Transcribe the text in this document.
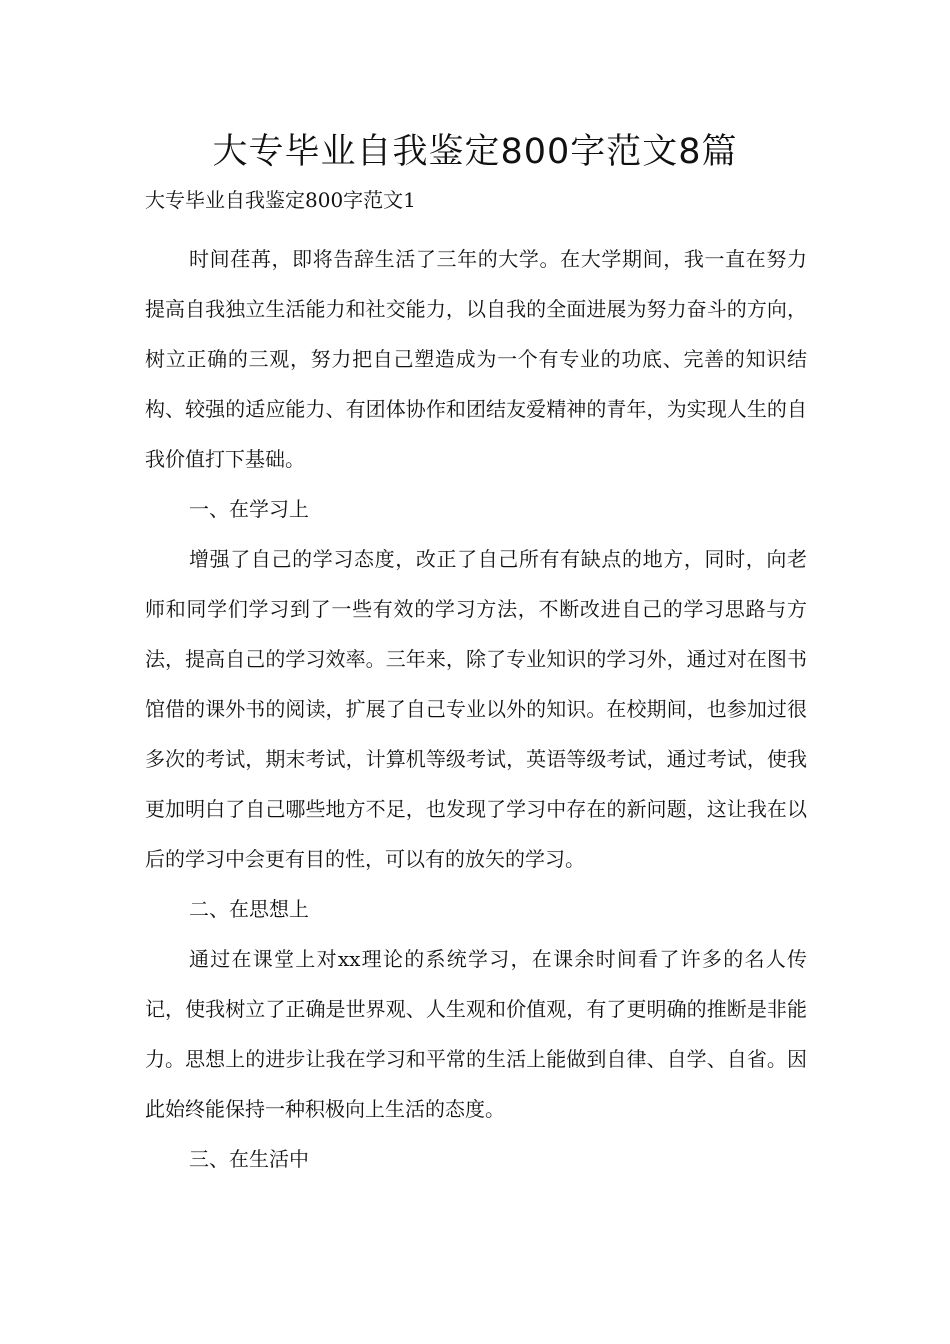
大专毕业自我鉴定800字范文8篇
大专毕业自我鉴定800字范文1

时间荏苒，即将告辞生活了三年的大学。在大学期间，我一直在努力提高自我独立生活能力和社交能力，以自我的全面进展为努力奋斗的方向，树立正确的三观，努力把自己塑造成为一个有专业的功底、完善的知识结构、较强的适应能力、有团体协作和团结友爱精神的青年，为实现人生的自我价值打下基础。

一、在学习上

增强了自己的学习态度，改正了自己所有有缺点的地方，同时，向老师和同学们学习到了一些有效的学习方法，不断改进自己的学习思路与方法，提高自己的学习效率。三年来，除了专业知识的学习外，通过对在图书馆借的课外书的阅读，扩展了自己专业以外的知识。在校期间，也参加过很多次的考试，期末考试，计算机等级考试，英语等级考试，通过考试，使我更加明白了自己哪些地方不足，也发现了学习中存在的新问题，这让我在以后的学习中会更有目的性，可以有的放矢的学习。

二、在思想上

通过在课堂上对xx理论的系统学习，在课余时间看了许多的名人传记，使我树立了正确是世界观、人生观和价值观，有了更明确的推断是非能力。思想上的进步让我在学习和平常的生活上能做到自律、自学、自省。因此始终能保持一种积极向上生活的态度。

三、在生活中
